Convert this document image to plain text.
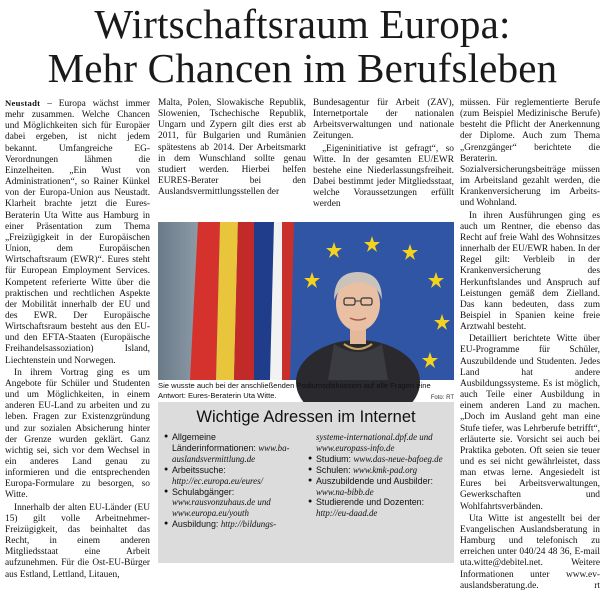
Wirtschaftsraum Europa:
Mehr Chancen im Berufsleben

Neustadt – Europa wächst immer mehr zusammen. Welche Chancen und Möglichkeiten sich für Europäer dabei ergeben, ist nicht jedem bekannt. Umfangreiche EG-Verordnungen lähmen die Einzelheiten. „Ein Wust von Administrationen“, so Rainer Künkel von der Europa-Union aus Neustadt. Klarheit brachte jetzt die Eures-Beraterin Uta Witte aus Hamburg in einer Präsentation zum Thema „Freizügigkeit in der Europäischen Union, dem Europäischen Wirtschaftsraum (EWR)“. Eures steht für European Employment Services. Kompetent referierte Witte über die praktischen und rechtlichen Aspekte der Mobilität innerhalb der EU und des EWR. Der Europäische Wirtschaftsraum besteht aus den EU- und den EFTA-Staaten (Europäische Freihandelsassoziation) Island, Liechtenstein und Norwegen.

In ihrem Vortrag ging es um Angebote für Schüler und Studenten und um Möglichkeiten, in einem anderen EU-Land zu arbeiten und zu leben. Fragen zur Existenzgründung und zur sozialen Absicherung hinter der Grenze wurden geklärt. Ganz wichtig sei, sich vor dem Wechsel in ein anderes Land genau zu informieren und die entsprechenden Europa-Formulare zu besorgen, so Witte.

Innerhalb der alten EU-Länder (EU 15) gilt volle Arbeitnehmer-Freizügigkeit, das beinhaltet das Recht, in einem anderen Mitgliedsstaat eine Arbeit aufzunehmen. Für die Ost-EU-Bürger aus Estland, Lettland, Litauen,

Malta, Polen, Slowakische Republik, Slowenien, Tschechische Republik, Ungarn und Zypern gilt dies erst ab 2011, für Bulgarien und Rumänien spätestens ab 2014. Der Arbeitsmarkt in dem Wunschland sollte genau studiert werden. Hierbei helfen EURES-Berater bei den Auslandsvermittlungsstellen der

Bundesagentur für Arbeit (ZAV), Internetportale der nationalen Arbeitsverwaltungen und nationale Zeitungen.

„Eigeninitiative ist gefragt“, so Witte. In der gesamten EU/EWR bestehe eine Niederlassungsfreiheit. Dabei bestimmt jeder Mitgliedsstaat, welche Voraussetzungen erfüllt werden

Sie wusste auch bei der anschließenden Podiumsdiskussion auf alle Fragen eine Antwort: Eures-Beraterin Uta Witte.	Foto: RT

müssen. Für reglementierte Berufe (zum Beispiel Medizinische Berufe) besteht die Pflicht der Anerkennung der Diplome. Auch zum Thema „Grenzgänger“ berichtete die Beraterin. Sozialversicherungsbeiträge müssen im Arbeitsland gezahlt werden, die Krankenversicherung im Arbeits- und Wohnland.

In ihren Ausführungen ging es auch um Rentner, die ebenso das Recht auf freie Wahl des Wohnsitzes innerhalb der EU/EWR haben. In der Regel gilt: Verbleib in der Krankenversicherung des Herkunftslandes und Anspruch auf Leistungen gemäß dem Zielland. Das kann bedeuten, dass zum Beispiel in Spanien keine freie Arztwahl besteht.

Detailliert berichtete Witte über EU-Programme für Schüler, Auszubildende und Studenten. Jedes Land hat andere Ausbildungssysteme. Es ist möglich, auch Teile einer Ausbildung in einem anderen Land zu machen. „Doch im Ausland geht man eine Stufe tiefer, was Lehrberufe betrifft“, erläuterte sie. Vorsicht sei auch bei Praktika geboten. Oft seien sie teuer und es sei nicht gewährleistet, dass man etwas lerne. Angesiedelt ist Eures bei Arbeitsverwaltungen, Gewerkschaften und Wohlfahrtsverbänden.

Uta Witte ist angestellt bei der Evangelischen Auslandsberatung in Hamburg und telefonisch zu erreichen unter 040/24 48 36, E-mail uta.witte@debitel.net. Weitere Informationen unter www.ev-auslandsberatung.de.	rt

Wichtige Adressen im Internet
● Allgemeine Länderinformationen: www.ba-auslandsvermittlung.de
● Arbeitssuche: http://ec.europa.eu/eures/
● Schulabgänger: www.rausvonzuhaus.de und www.europa.eu/youth
● Ausbildung: http://bildungs-
systeme-international.dpf.de und www.europass-info.de
● Studium: www.das-neue-bafoeg.de
● Schulen: www.kmk-pad.org
● Auszubildende und Ausbilder: www.na-bibb.de
● Studierende und Dozenten: http://eu-daad.de
